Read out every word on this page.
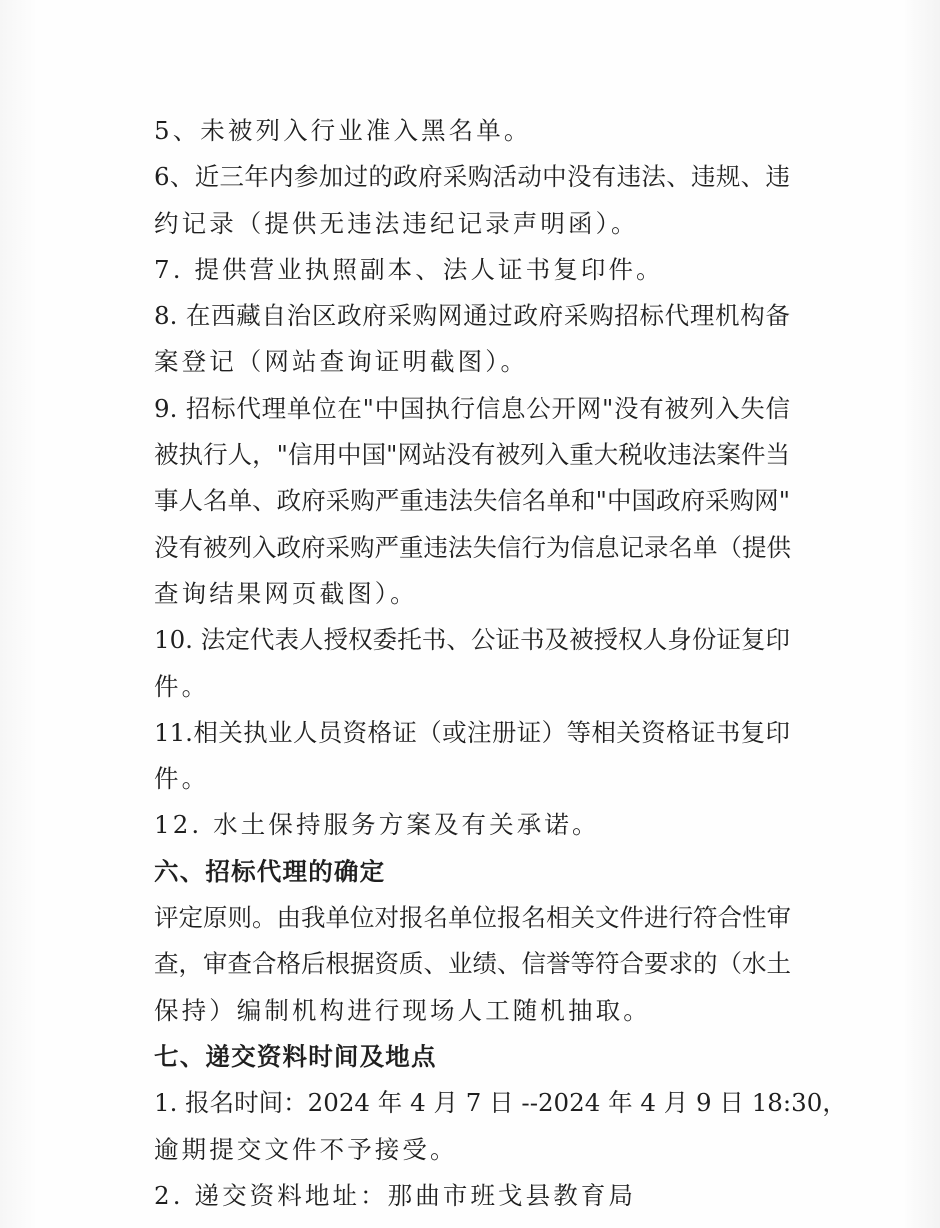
5、未被列入行业准入黑名单。
6、近三年内参加过的政府采购活动中没有违法、违规、违
约记录（提供无违法违纪记录声明函）。
7. 提供营业执照副本、法人证书复印件。
8. 在西藏自治区政府采购网通过政府采购招标代理机构备
案登记（网站查询证明截图）。
9. 招标代理单位在"中国执行信息公开网"没有被列入失信
被执行人，"信用中国"网站没有被列入重大税收违法案件当
事人名单、政府采购严重违法失信名单和"中国政府采购网"
没有被列入政府采购严重违法失信行为信息记录名单（提供
查询结果网页截图）。
10. 法定代表人授权委托书、公证书及被授权人身份证复印
件。
11.相关执业人员资格证（或注册证）等相关资格证书复印
件。
12. 水土保持服务方案及有关承诺。
六、招标代理的确定
评定原则。由我单位对报名单位报名相关文件进行符合性审
查，审查合格后根据资质、业绩、信誉等符合要求的（水土
保持）编制机构进行现场人工随机抽取。
七、递交资料时间及地点
1. 报名时间：2024 年 4 月 7 日 --2024 年 4 月 9 日 18:30，
逾期提交文件不予接受。
2. 递交资料地址：那曲市班戈县教育局
